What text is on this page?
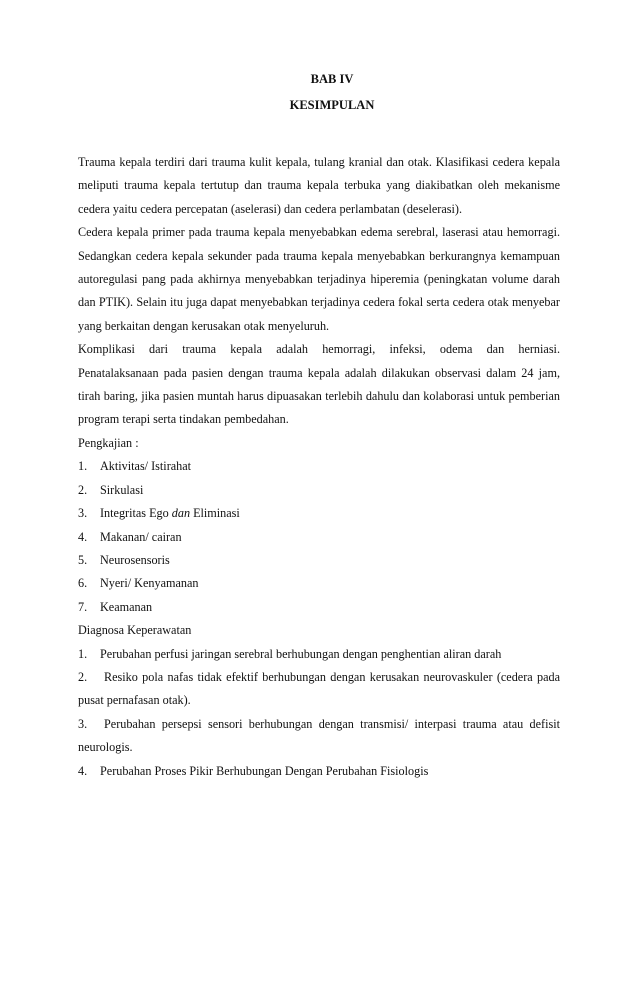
BAB IV
KESIMPULAN

Trauma kepala terdiri dari trauma kulit kepala, tulang kranial dan otak. Klasifikasi cedera kepala meliputi trauma kepala tertutup dan trauma kepala terbuka yang diakibatkan oleh mekanisme cedera yaitu cedera percepatan (aselerasi) dan cedera perlambatan (deselerasi).

Cedera kepala primer pada trauma kepala menyebabkan edema serebral, laserasi atau hemorragi. Sedangkan cedera kepala sekunder pada trauma kepala menyebabkan berkurangnya kemampuan autoregulasi pang pada akhirnya menyebabkan terjadinya hiperemia (peningkatan volume darah dan PTIK). Selain itu juga dapat menyebabkan terjadinya cedera fokal serta cedera otak menyebar yang berkaitan dengan kerusakan otak menyeluruh.

Komplikasi dari trauma kepala adalah hemorragi, infeksi, odema dan herniasi.

Penatalaksanaan pada pasien dengan trauma kepala adalah dilakukan observasi dalam 24 jam, tirah baring, jika pasien muntah harus dipuasakan terlebih dahulu dan kolaborasi untuk pemberian program terapi serta tindakan pembedahan.

Pengkajian :

1. Aktivitas/ Istirahat

2. Sirkulasi

3. Integritas Ego dan Eliminasi

4. Makanan/ cairan

5. Neurosensoris

6. Nyeri/ Kenyamanan

7. Keamanan

Diagnosa Keperawatan

1. Perubahan perfusi jaringan serebral berhubungan dengan penghentian aliran darah

2. Resiko pola nafas tidak efektif berhubungan dengan kerusakan neurovaskuler (cedera pada pusat pernafasan otak).

3. Perubahan persepsi sensori berhubungan dengan transmisi/ interpasi trauma atau defisit neurologis.

4. Perubahan Proses Pikir Berhubungan Dengan Perubahan Fisiologis
